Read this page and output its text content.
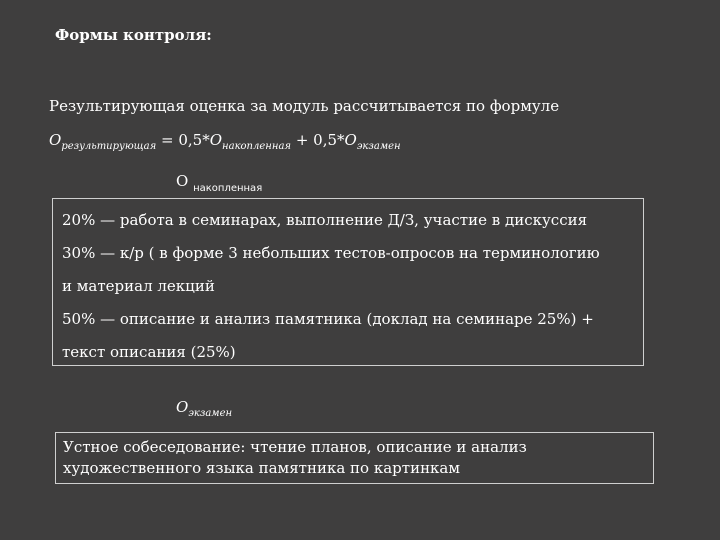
Формы контроля:
Результирующая оценка за модуль рассчитывается по формуле
$O_{результирующая} = 0,5*O_{накопленная} + 0,5*O_{экзамен}$
O $_{накопленная}$
20% — работа в семинарах, выполнение Д/З, участие в дискуссия
30% — к/р ( в форме 3 небольших тестов-опросов на терминологию
и материал лекций
50% — описание и анализ памятника (доклад на семинаре 25%) +
текст описания (25%)
$O_{экзамен}$
Устное собеседование: чтение планов, описание и анализ
художественного языка памятника по картинкам
